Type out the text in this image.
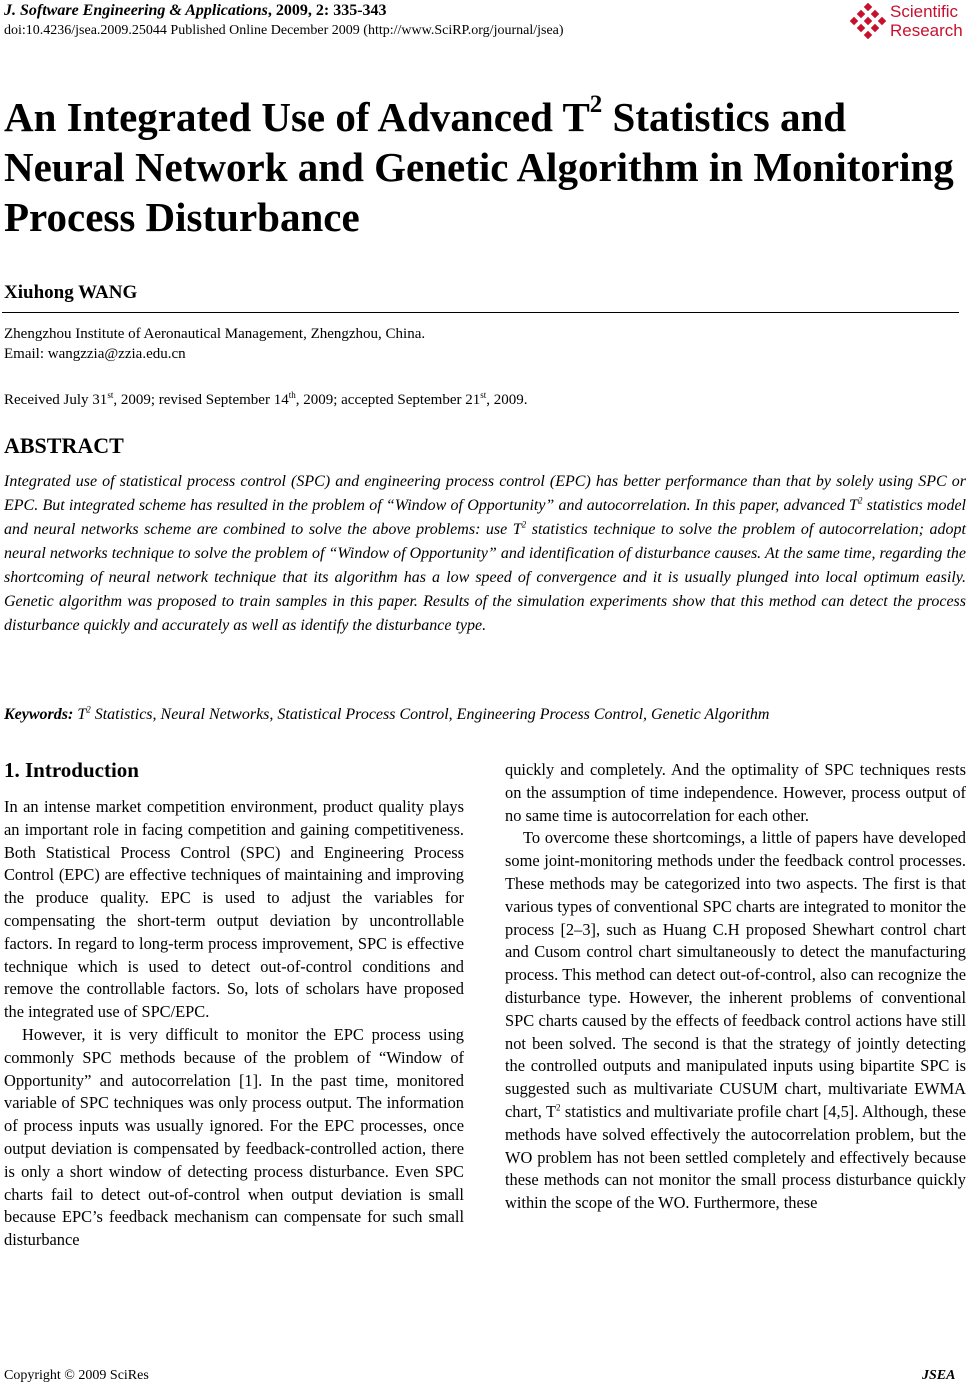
J. Software Engineering & Applications, 2009, 2: 335-343
doi:10.4236/jsea.2009.25044 Published Online December 2009 (http://www.SciRP.org/journal/jsea)
Scientific
Research
An Integrated Use of Advanced $T^2$ Statistics and Neural Network and Genetic Algorithm in Monitoring Process Disturbance
Xiuhong WANG
Zhengzhou Institute of Aeronautical Management, Zhengzhou, China.
Email: wangzzia@zzia.edu.cn
Received July 31st, 2009; revised September 14th, 2009; accepted September 21st, 2009.
ABSTRACT
Integrated use of statistical process control (SPC) and engineering process control (EPC) has better performance than that by solely using SPC or EPC. But integrated scheme has resulted in the problem of “Window of Opportunity” and autocorrelation. In this paper, advanced $T^2$ statistics model and neural networks scheme are combined to solve the above problems: use $T^2$ statistics technique to solve the problem of autocorrelation; adopt neural networks technique to solve the problem of “Window of Opportunity” and identification of disturbance causes. At the same time, regarding the shortcoming of neural network technique that its algorithm has a low speed of convergence and it is usually plunged into local optimum easily. Genetic algorithm was proposed to train samples in this paper. Results of the simulation experiments show that this method can detect the process disturbance quickly and accurately as well as identify the disturbance type.
Keywords: $T^2$ Statistics, Neural Networks, Statistical Process Control, Engineering Process Control, Genetic Algorithm
1. Introduction

In an intense market competition environment, product quality plays an important role in facing competition and gaining competitiveness. Both Statistical Process Control (SPC) and Engineering Process Control (EPC) are effective techniques of maintaining and improving the produce quality. EPC is used to adjust the variables for compensating the short-term output deviation by uncontrollable factors. In regard to long-term process improvement, SPC is effective technique which is used to detect out-of-control conditions and remove the controllable factors. So, lots of scholars have proposed the integrated use of SPC/EPC.

However, it is very difficult to monitor the EPC process using commonly SPC methods because of the problem of “Window of Opportunity” and autocorrelation [1]. In the past time, monitored variable of SPC techniques was only process output. The information of process inputs was usually ignored. For the EPC processes, once output deviation is compensated by feedback-controlled action, there is only a short window of detecting process disturbance. Even SPC charts fail to detect out-of-control when output deviation is small because EPC’s feedback mechanism can compensate for such small disturbance

quickly and completely. And the optimality of SPC techniques rests on the assumption of time independence. However, process output of no same time is autocorrelation for each other.

To overcome these shortcomings, a little of papers have developed some joint-monitoring methods under the feedback control processes. These methods may be categorized into two aspects. The first is that various types of conventional SPC charts are integrated to monitor the process [2–3], such as Huang C.H proposed Shewhart control chart and Cusom control chart simultaneously to detect the manufacturing process. This method can detect out-of-control, also can recognize the disturbance type. However, the inherent problems of conventional SPC charts caused by the effects of feedback control actions have still not been solved. The second is that the strategy of jointly detecting the controlled outputs and manipulated inputs using bipartite SPC is suggested such as multivariate CUSUM chart, multivariate EWMA chart, $T^2$ statistics and multivariate profile chart [4,5]. Although, these methods have solved effectively the autocorrelation problem, but the WO problem has not been settled completely and effectively because these methods can not monitor the small process disturbance quickly within the scope of the WO. Furthermore, these

Copyright © 2009 SciRes	JSEA
